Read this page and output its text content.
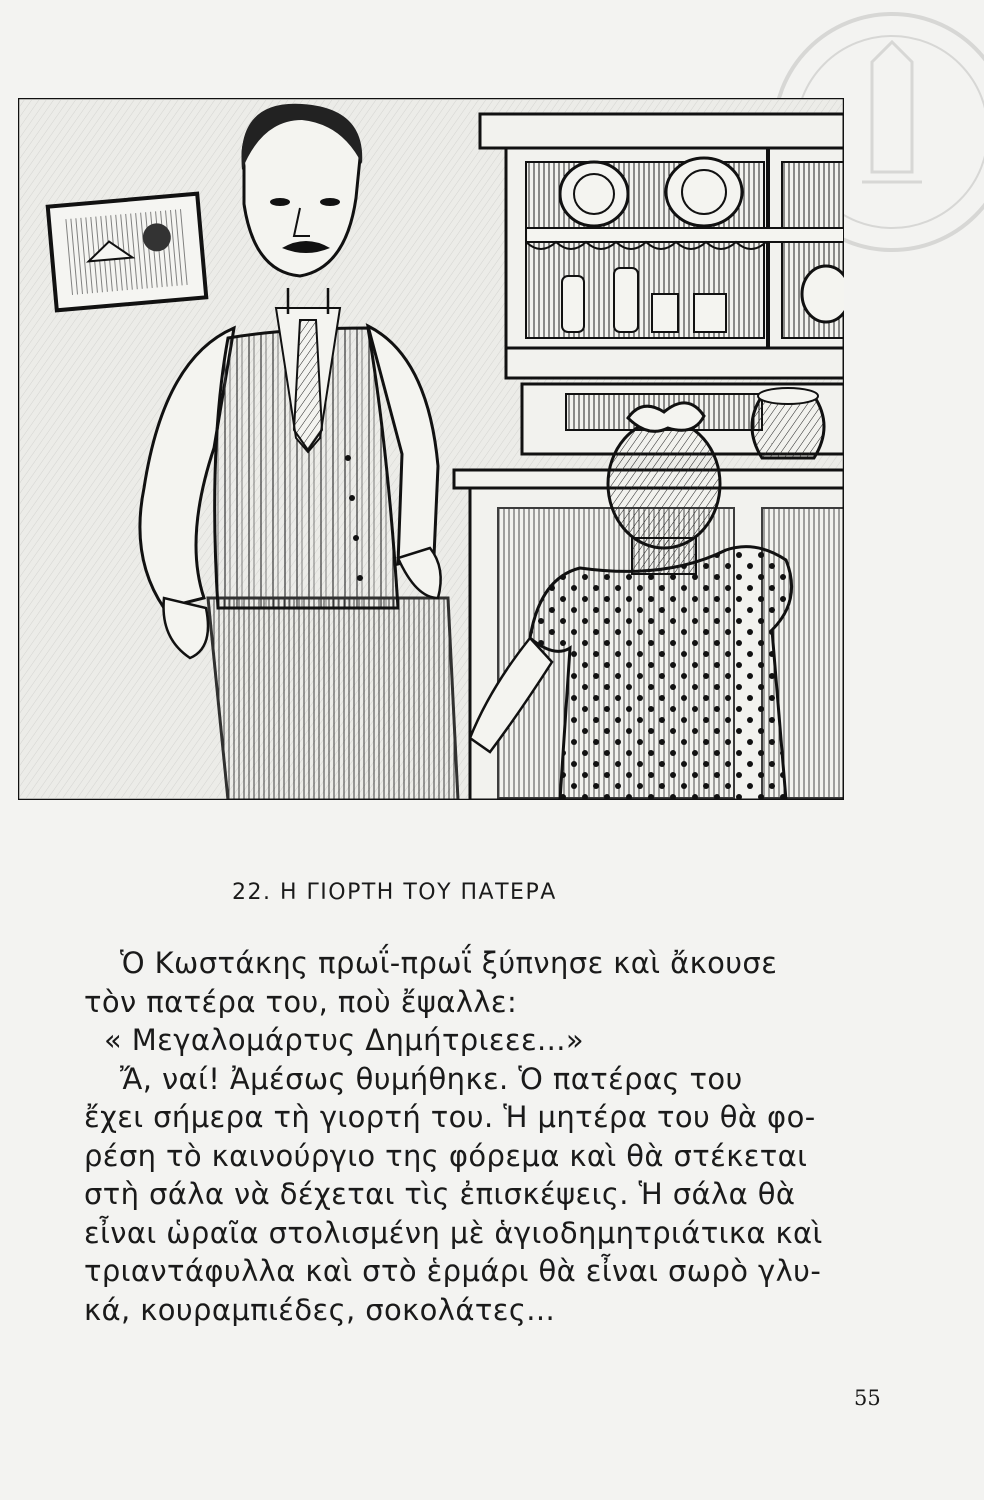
22. Η ΓΙΟΡΤΗ ΤΟΥ ΠΑΤΕΡΑ

Ὁ Κωστάκης πρωΐ-πρωΐ ξύπνησε καὶ ἄκουσε

τὸν πατέρα του, ποὺ ἔψαλλε:

« Μεγαλομάρτυς Δημήτριεεε...»

Ἄ, ναί! Ἀμέσως θυμήθηκε. Ὁ πατέρας του

ἔχει σήμερα τὴ γιορτή του. Ἡ μητέρα του θὰ φο-

ρέση τὸ καινούργιο της φόρεμα καὶ θὰ στέκεται

στὴ σάλα νὰ δέχεται τὶς ἐπισκέψεις. Ἡ σάλα θὰ

εἶναι ὡραῖα στολισμένη μὲ ἁγιοδημητριάτικα καὶ

τριαντάφυλλα καὶ στὸ ἑρμάρι θὰ εἶναι σωρὸ γλυ-

κά, κουραμπιέδες, σοκολάτες...

55
